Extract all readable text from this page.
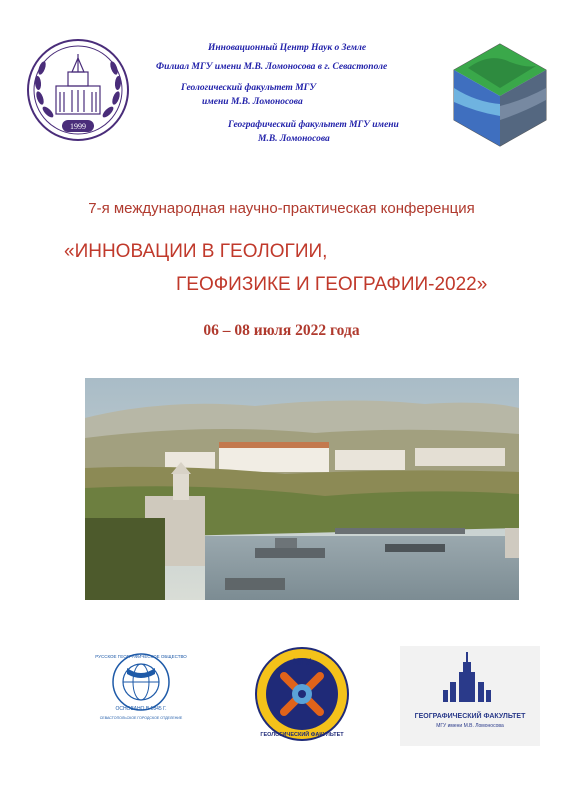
1999
Инновационный Центр Наук о Земле
Филиал МГУ имени М.В. Ломоносова в г. Севастополе
Геологический факультет МГУ
имени М.В. Ломоносова
Географический факультет МГУ имени
М.В. Ломоносова
7-я международная научно-практическая конференция
«ИННОВАЦИИ В ГЕОЛОГИИ,
ГЕОФИЗИКЕ И ГЕОГРАФИИ-2022»
06 – 08 июля 2022 года
РУССКОЕ ГЕОГРАФИЧЕСКОЕ ОБЩЕСТВО
ОСНОВАНО В 1845 Г.
СЕВАСТОПОЛЬСКОЕ ГОРОДСКОЕ ОТДЕЛЕНИЕ
МГУ
ГЕОЛОГИЧЕСКИЙ ФАКУЛЬТЕТ
ГЕОГРАФИЧЕСКИЙ ФАКУЛЬТЕТ
МГУ имени М.В. Ломоносова
